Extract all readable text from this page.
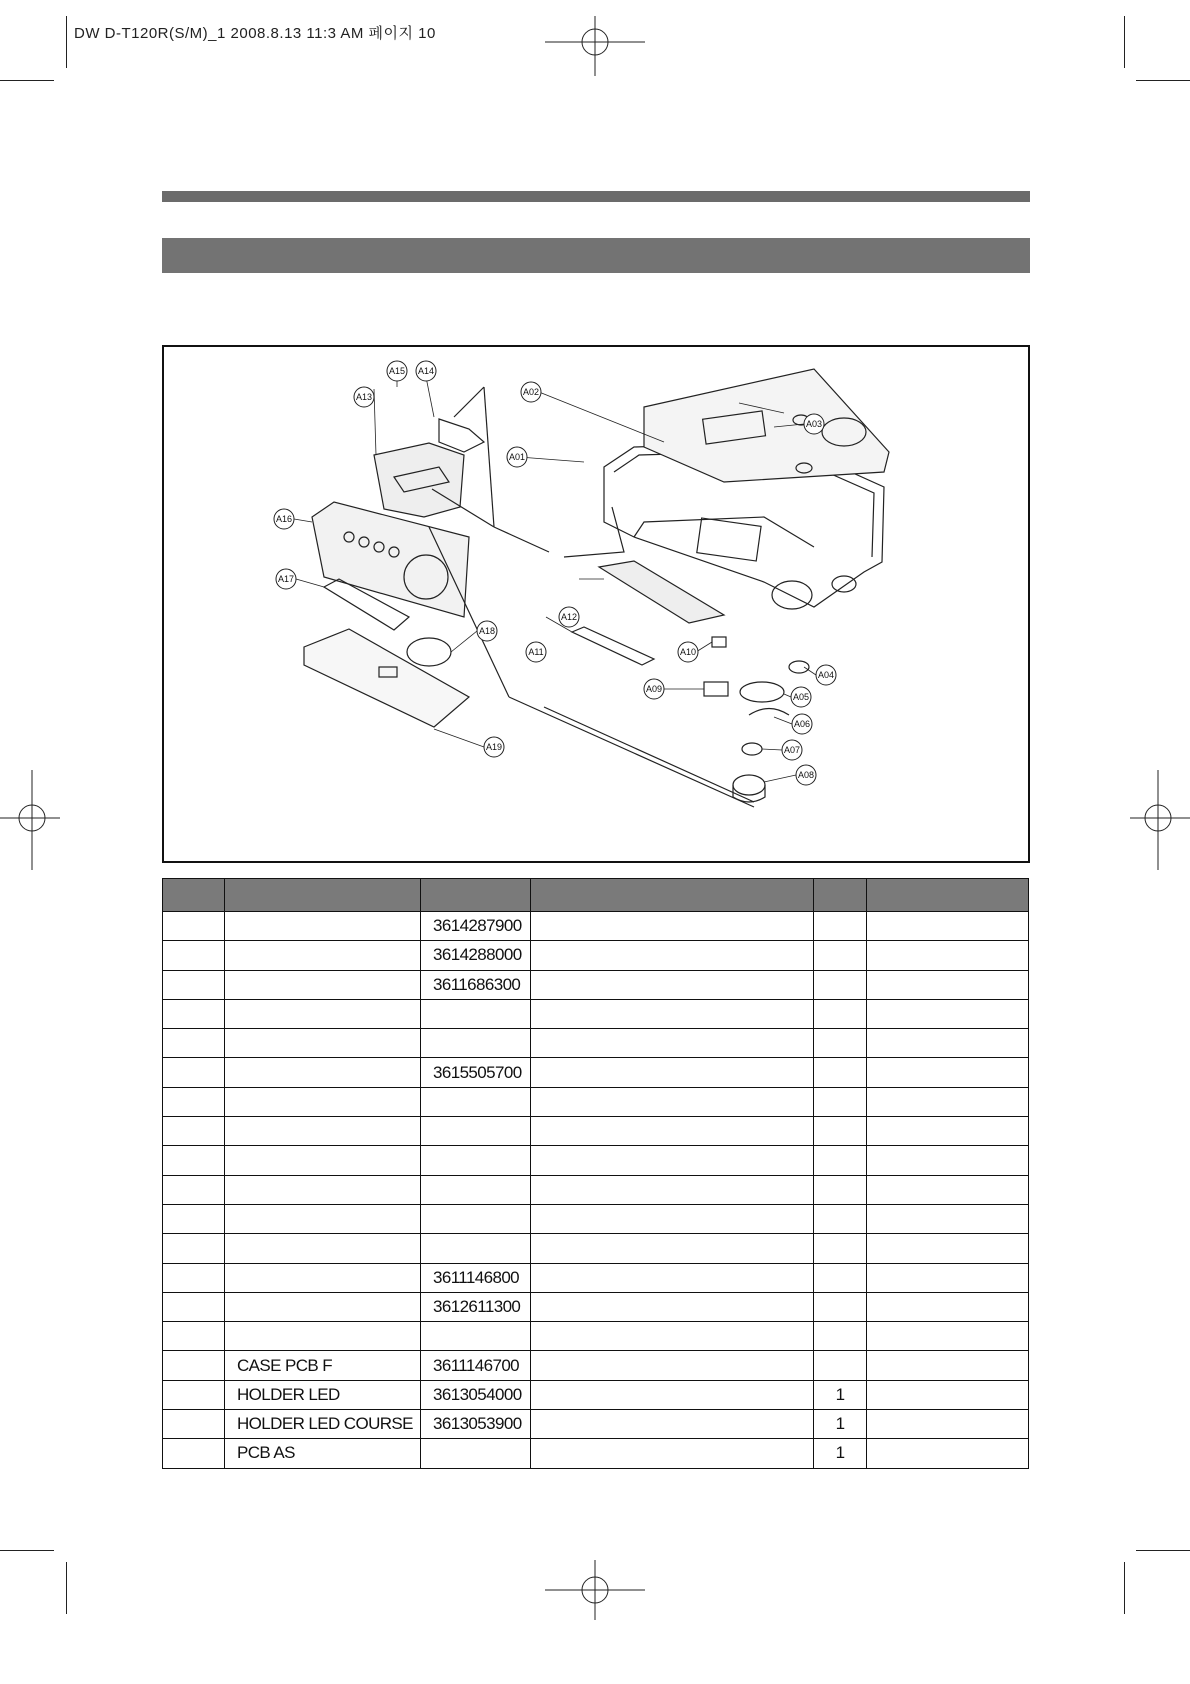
DW D-T120R(S/M)_1 2008.8.13 11:3 AM 페이지 10
A15 A14
A13	A02
A03
A01
A16
A17
A12
A11
A18
A10
A04
A05
A09
A06
A19	A07
A08

		3614287900			
		3614288000			
		3611686300			

		3615505700			

		3611146800			
		3612611300			

	CASE PCB F	3611146700			
	HOLDER LED	3613054000		1	
	HOLDER LED COURSE	3613053900		1	
	PCB AS			1	
